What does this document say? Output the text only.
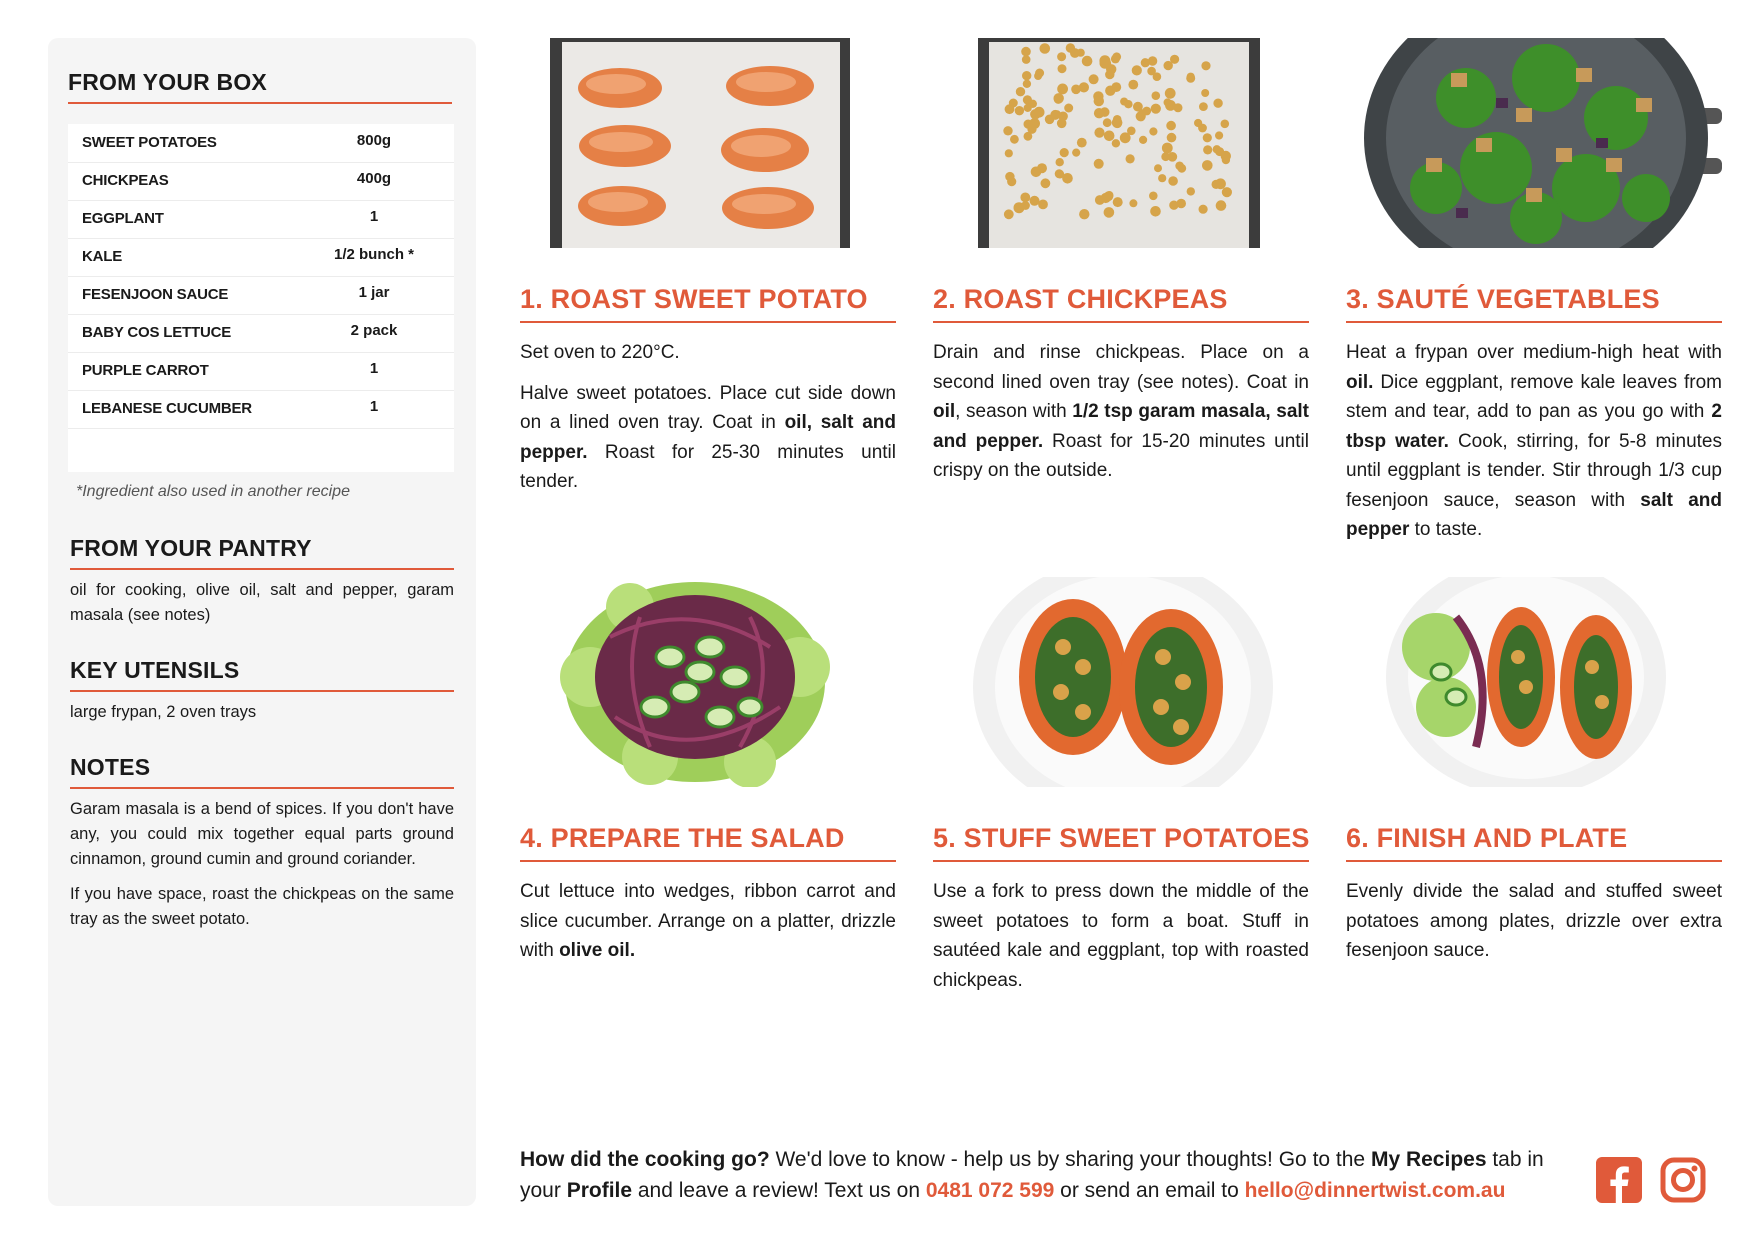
FROM YOUR BOX
SWEET POTATOES	800g
CHICKPEAS	400g
EGGPLANT	1
KALE	1/2 bunch *
FESENJOON SAUCE	1 jar
BABY COS LETTUCE	2 pack
PURPLE CARROT	1
LEBANESE CUCUMBER	1
*Ingredient also used in another recipe
FROM YOUR PANTRY
oil for cooking, olive oil, salt and pepper, garam masala (see notes)
KEY UTENSILS
large frypan, 2 oven trays
NOTES

Garam masala is a bend of spices. If you don't have any, you could mix together equal parts ground cinnamon, ground cumin and ground coriander.

If you have space, roast the chickpeas on the same tray as the sweet potato.

1. ROAST SWEET POTATO

Set oven to 220°C.

Halve sweet potatoes. Place cut side down on a lined oven tray. Coat in oil, salt and pepper. Roast for 25-30 minutes until tender.

2. ROAST CHICKPEAS

Drain and rinse chickpeas. Place on a second lined oven tray (see notes). Coat in oil, season with 1/2 tsp garam masala, salt and pepper. Roast for 15-20 minutes until crispy on the outside.

3. SAUTÉ VEGETABLES

Heat a frypan over medium-high heat with oil. Dice eggplant, remove kale leaves from stem and tear, add to pan as you go with 2 tbsp water. Cook, stirring, for 5-8 minutes until eggplant is tender. Stir through 1/3 cup fesenjoon sauce, season with salt and pepper to taste.

4. PREPARE THE SALAD

Cut lettuce into wedges, ribbon carrot and slice cucumber. Arrange on a platter, drizzle with olive oil.

5. STUFF SWEET POTATOES

Use a fork to press down the middle of the sweet potatoes to form a boat. Stuff in sautéed kale and eggplant, top with roasted chickpeas.

6. FINISH AND PLATE

Evenly divide the salad and stuffed sweet potatoes among plates, drizzle over extra fesenjoon sauce.

How did the cooking go? We'd love to know - help us by sharing your thoughts! Go to the My Recipes tab in your Profile and leave a review! Text us on 0481 072 599 or send an email to hello@dinnertwist.com.au
